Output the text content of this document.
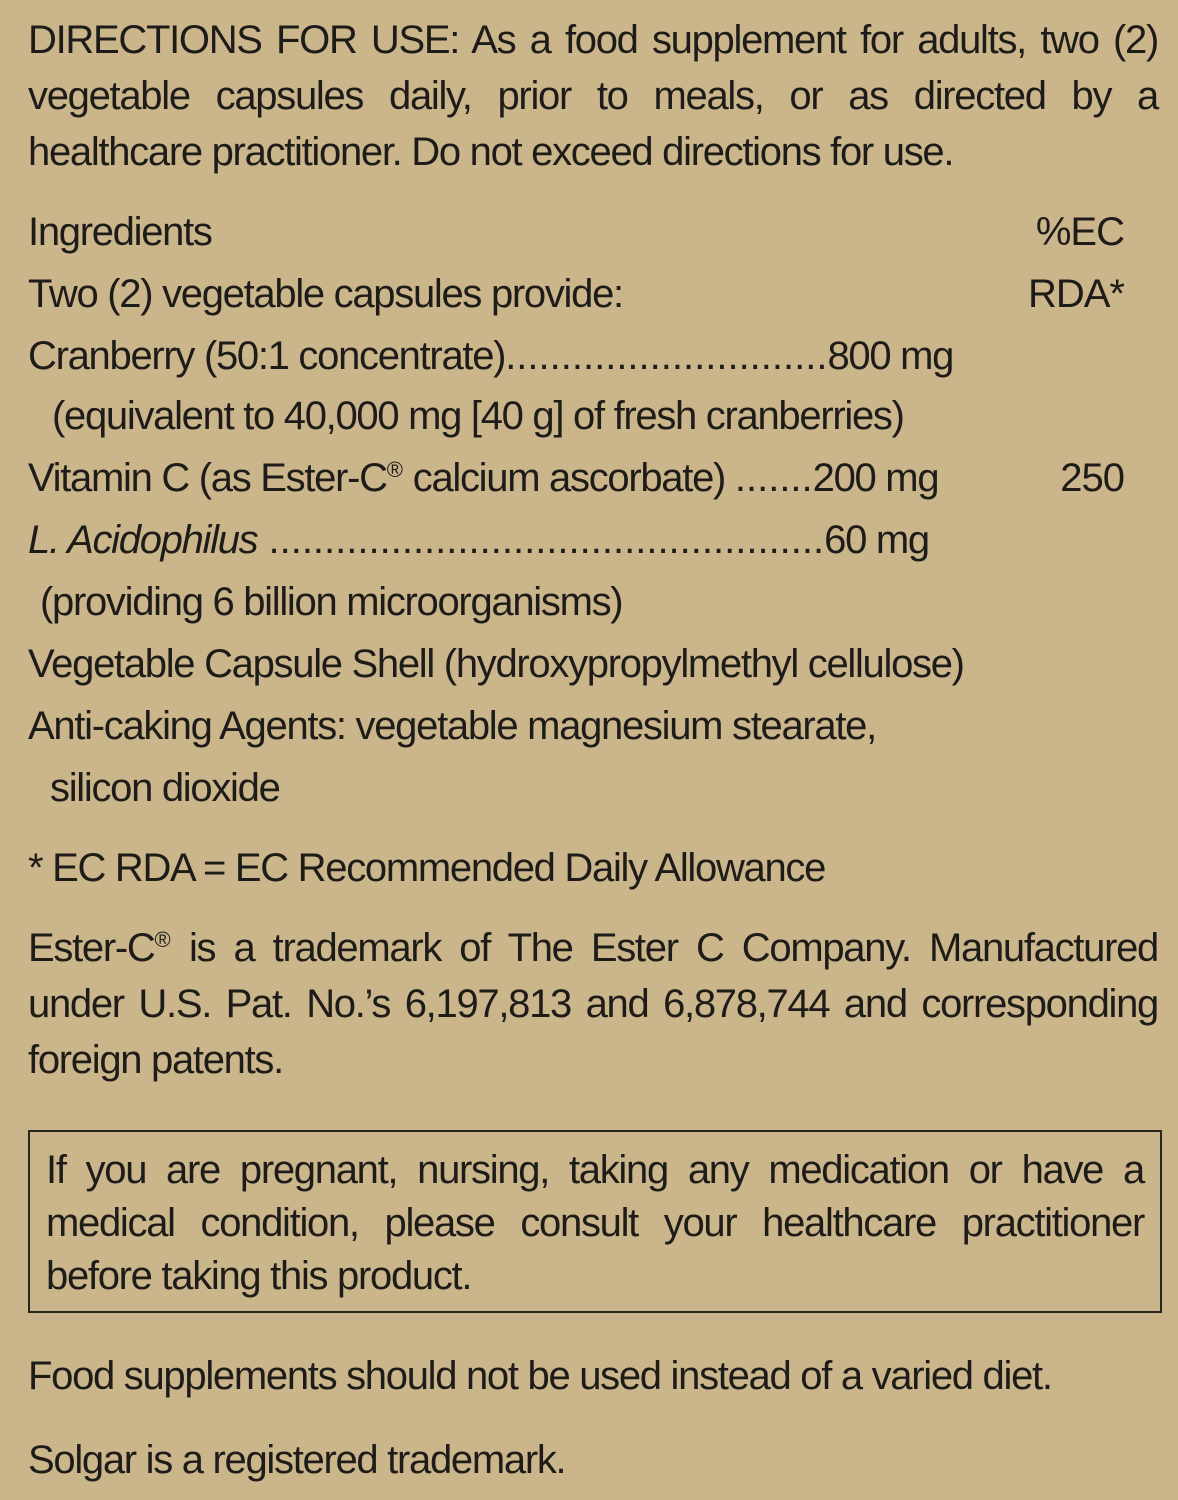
DIRECTIONS FOR USE: As a food supplement for adults, two (2) vegetable capsules daily, prior to meals, or as directed by a healthcare practitioner. Do not exceed directions for use.

Ingredients	%EC
Two (2) vegetable capsules provide:	RDA*
Cranberry (50:1 concentrate).............................800 mg
(equivalent to 40,000 mg [40 g] of fresh cranberries)
Vitamin C (as Ester-C® calcium ascorbate) .......200 mg	250
L. Acidophilus ..................................................60 mg
(providing 6 billion microorganisms)
Vegetable Capsule Shell (hydroxypropylmethyl cellulose)
Anti-caking Agents: vegetable magnesium stearate,
silicon dioxide
* EC RDA = EC Recommended Daily Allowance

Ester-C® is a trademark of The Ester C Company. Manufactured under U.S. Pat. No.’s 6,197,813 and 6,878,744 and corresponding foreign patents.

If you are pregnant, nursing, taking any medication or have a medical condition, please consult your healthcare practitioner before taking this product.

Food supplements should not be used instead of a varied diet.
Solgar is a registered trademark.
